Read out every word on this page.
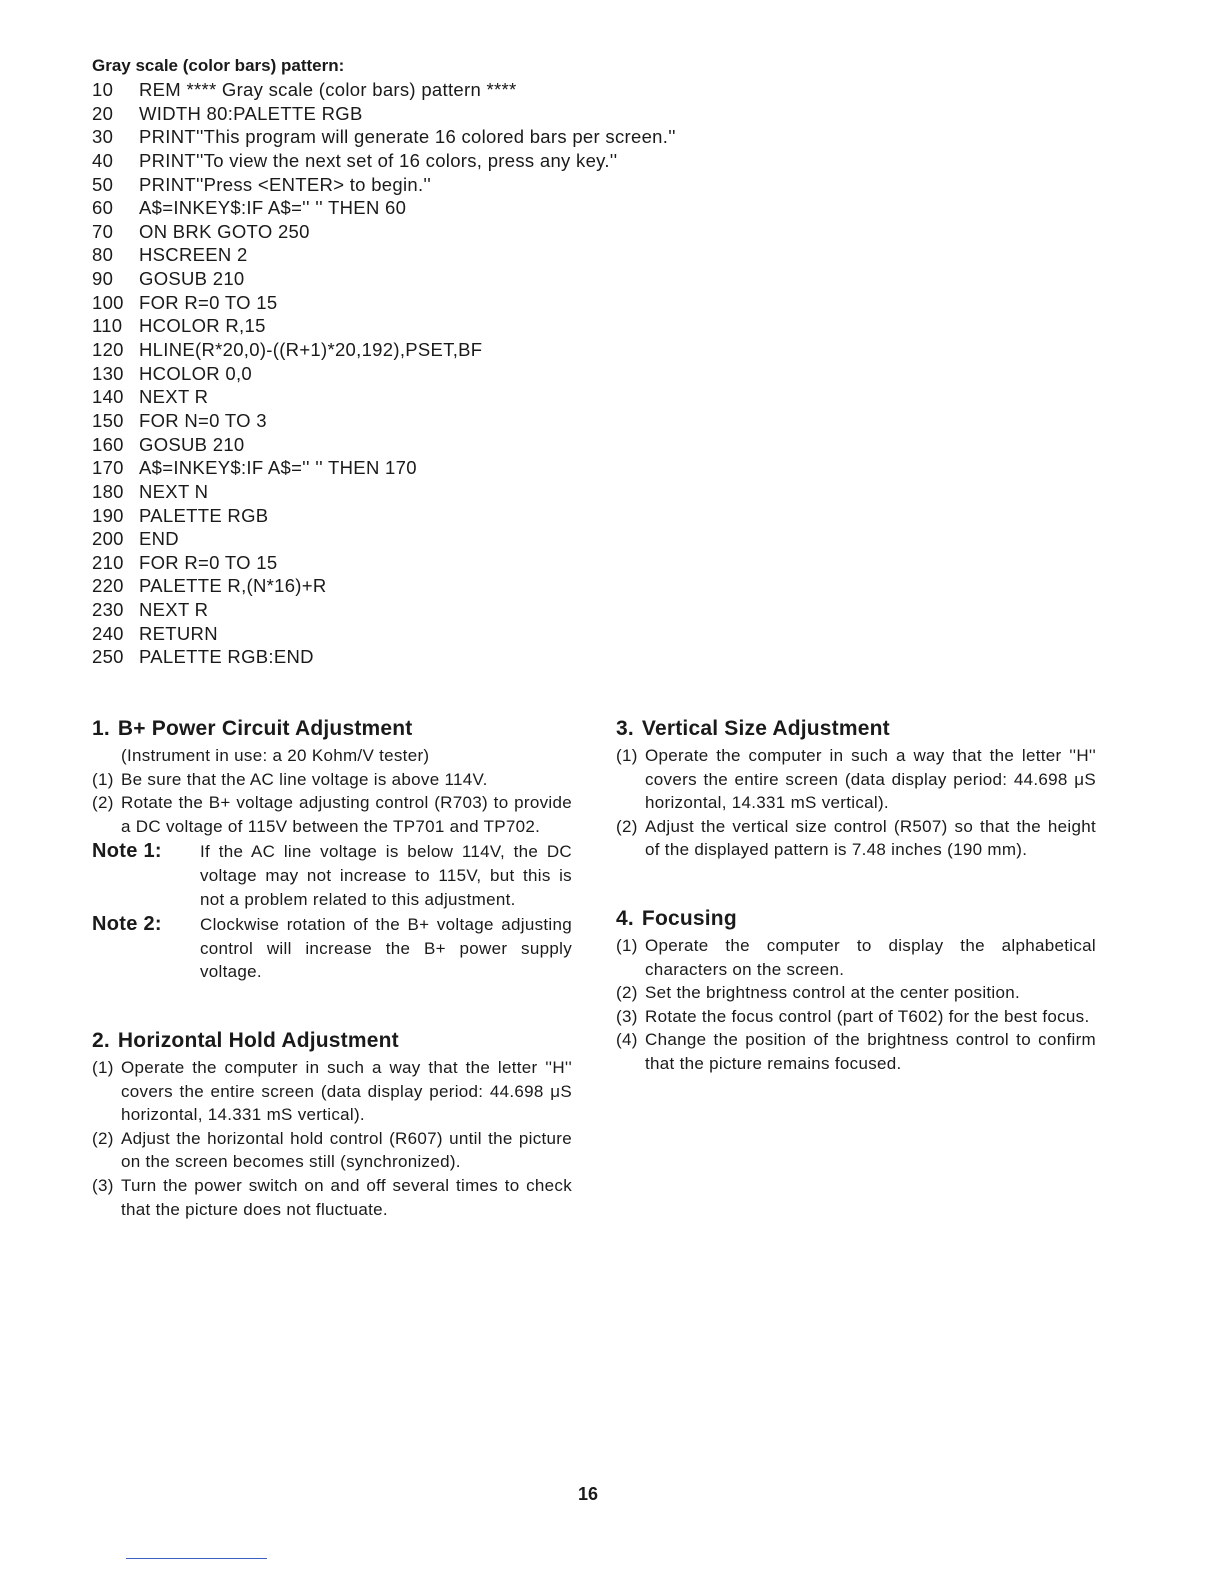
Gray scale (color bars) pattern:
10	REM **** Gray scale (color bars) pattern ****
20	WIDTH 80:PALETTE RGB
30	PRINT''This program will generate 16 colored bars per screen.''
40	PRINT''To view the next set of 16 colors, press any key.''
50	PRINT''Press <ENTER> to begin.''
60	A$=INKEY$:IF A$='' '' THEN 60
70	ON BRK GOTO 250
80	HSCREEN 2
90	GOSUB 210
100 FOR R=0 TO 15
110 HCOLOR R,15
120 HLINE(R*20,0)-((R+1)*20,192),PSET,BF
130 HCOLOR 0,0
140 NEXT R
150 FOR N=0 TO 3
160 GOSUB 210
170 A$=INKEY$:IF A$='' '' THEN 170
180 NEXT N
190 PALETTE RGB
200 END
210 FOR R=0 TO 15
220 PALETTE R,(N*16)+R
230 NEXT R
240 RETURN
250 PALETTE RGB:END
1. B+ Power Circuit Adjustment
(Instrument in use: a 20 Kohm/V tester)
(1) Be sure that the AC line voltage is above 114V.
(2) Rotate the B+ voltage adjusting control (R703) to provide a DC voltage of 115V between the TP701 and TP702.
Note 1:	If the AC line voltage is below 114V, the DC voltage may not increase to 115V, but this is not a problem related to this adjustment.
Note 2:	Clockwise rotation of the B+ voltage adjusting control will increase the B+ power supply voltage.
2. Horizontal Hold Adjustment
(1) Operate the computer in such a way that the letter ''H'' covers the entire screen (data display period: 44.698 μS horizontal, 14.331 mS vertical).
(2) Adjust the horizontal hold control (R607) until the picture on the screen becomes still (synchronized).
(3) Turn the power switch on and off several times to check that the picture does not fluctuate.
3. Vertical Size Adjustment
(1) Operate the computer in such a way that the letter ''H'' covers the entire screen (data display period: 44.698 μS horizontal, 14.331 mS vertical).
(2) Adjust the vertical size control (R507) so that the height of the displayed pattern is 7.48 inches (190 mm).
4. Focusing
(1) Operate the computer to display the alphabetical characters on the screen.
(2) Set the brightness control at the center position.
(3) Rotate the focus control (part of T602) for the best focus.
(4) Change the position of the brightness control to confirm that the picture remains focused.
16
